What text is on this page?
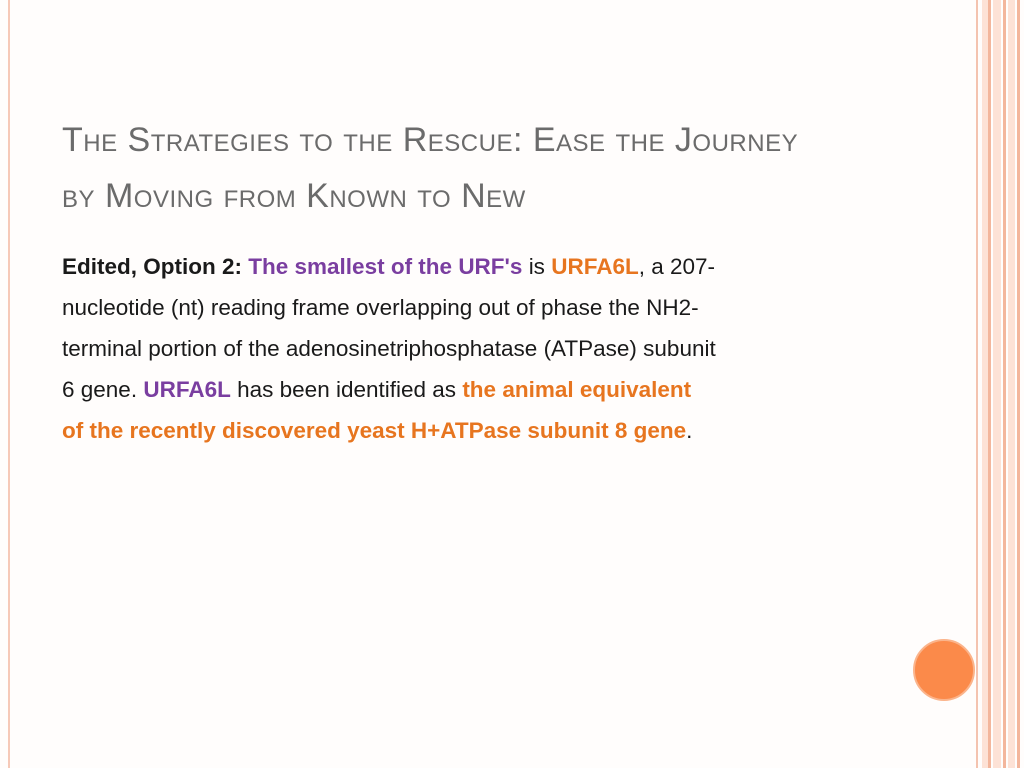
The Strategies to the Rescue: Ease the Journey
by Moving from Known to New
Edited, Option 2: The smallest of the URF's is URFA6L, a 207-
nucleotide (nt) reading frame overlapping out of phase the NH2-
terminal portion of the adenosinetriphosphatase (ATPase) subunit
6 gene. URFA6L has been identified as the animal equivalent
of the recently discovered yeast H+ATPase subunit 8 gene.
